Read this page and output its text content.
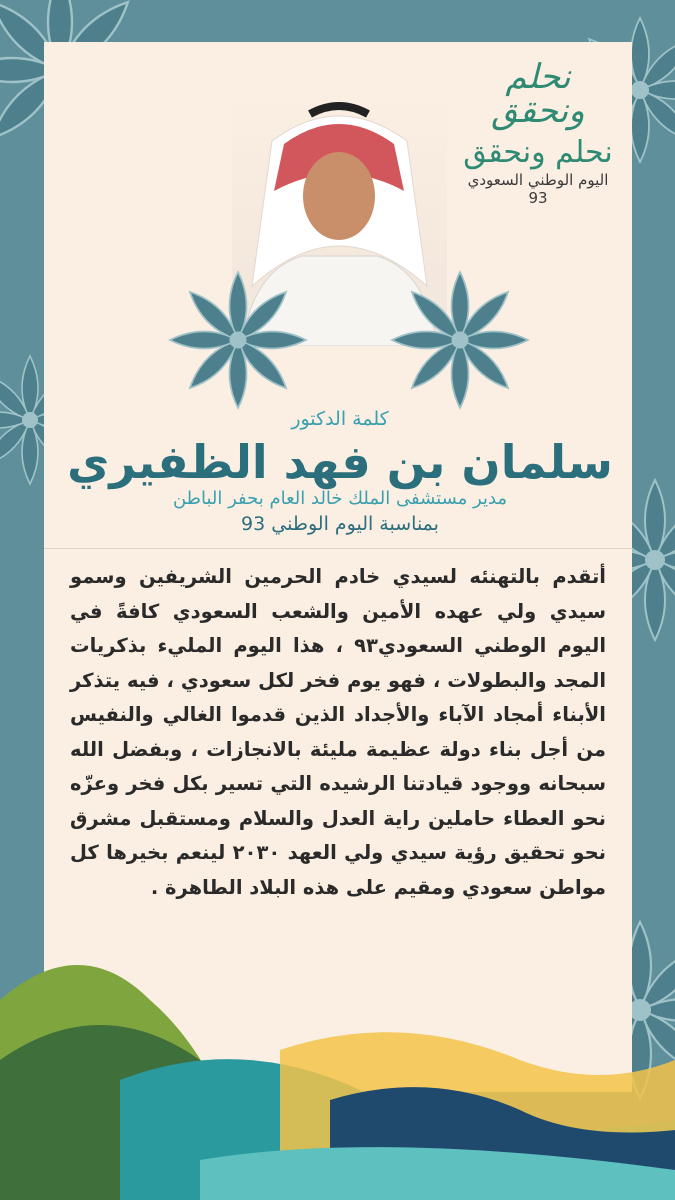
نحلم ونحقق
نحلم ونحقق
اليوم الوطني السعودي 93
كلمة الدكتور
سلمان بن فهد الظفيري
مدير مستشفى الملك خالد العام بحفر الباطن
بمناسبة اليوم الوطني 93
أتقدم بالتهنئه لسيدي خادم الحرمين الشريفين وسمو سيدي ولي عهده الأمين والشعب السعودي كافةً في اليوم الوطني السعودي٩٣ ، هذا اليوم المليء بذكريات المجد والبطولات ، فهو يوم فخر لكل سعودي ، فيه يتذكر الأبناء أمجاد الآباء والأجداد الذين قدموا الغالي والنفيس من أجل بناء دولة عظيمة مليئة بالانجازات ، وبفضل الله سبحانه ووجود قيادتنا الرشيده التي تسير بكل فخر وعزّه نحو العطاء حاملين راية العدل والسلام ومستقبل مشرق نحو تحقيق رؤية سيدي ولي العهد ٢٠٣٠ لينعم بخيرها كل مواطن سعودي ومقيم على هذه البلاد الطاهرة .
